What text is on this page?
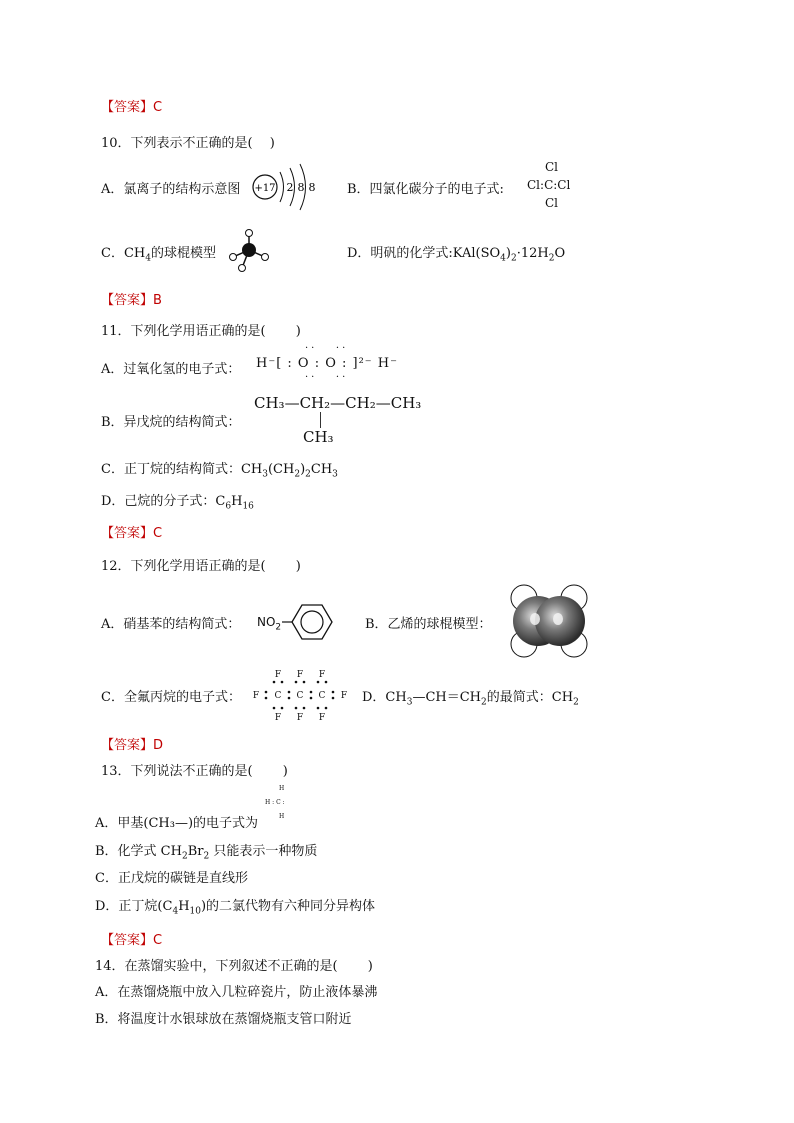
【答案】C
10．下列表示不正确的是(　 )
A．氯离子的结构示意图 +17 2 8 8 B．四氯化碳分子的电子式:
Cl
Cl:C:Cl
Cl
C．$CH_4$的球棍模型	D．明矾的化学式$:KAl(SO_4)_2\cdot 12H_2O$
【答案】B
11．下列化学用语正确的是(　 　)
A．过氧化氢的电子式： H⁻[ : O : O : ]²⁻ H⁻
··   ··
··   ··
B．异戊烷的结构简式：
CH₃—CH₂—CH₂—CH₃
CH₃
C．正丁烷的结构简式：$CH_3(CH_2)_2CH_3$
D．己烷的分子式：$C_6H_{16}$
【答案】C
12．下列化学用语正确的是(　 　)
A．硝基苯的结构简式： $NO_2$	B．乙烯的球棍模型：
C．全氟丙烷的电子式：
F F F
F C C C F
F F F
D．$CH_3—CH=CH_2$的最简式：$CH_2$
【答案】D
13．下列说法不正确的是(　 　)
H
H : C :
H
A．甲基(CH₃—)的电子式为
B．化学式 $CH_2Br_2$ 只能表示一种物质
C．正戊烷的碳链是直线形
D．正丁烷$(C_4H_{10})$的二氯代物有六种同分异构体
【答案】C
14．在蒸馏实验中，下列叙述不正确的是(　 　)
A．在蒸馏烧瓶中放入几粒碎瓷片，防止液体暴沸
B．将温度计水银球放在蒸馏烧瓶支管口附近
